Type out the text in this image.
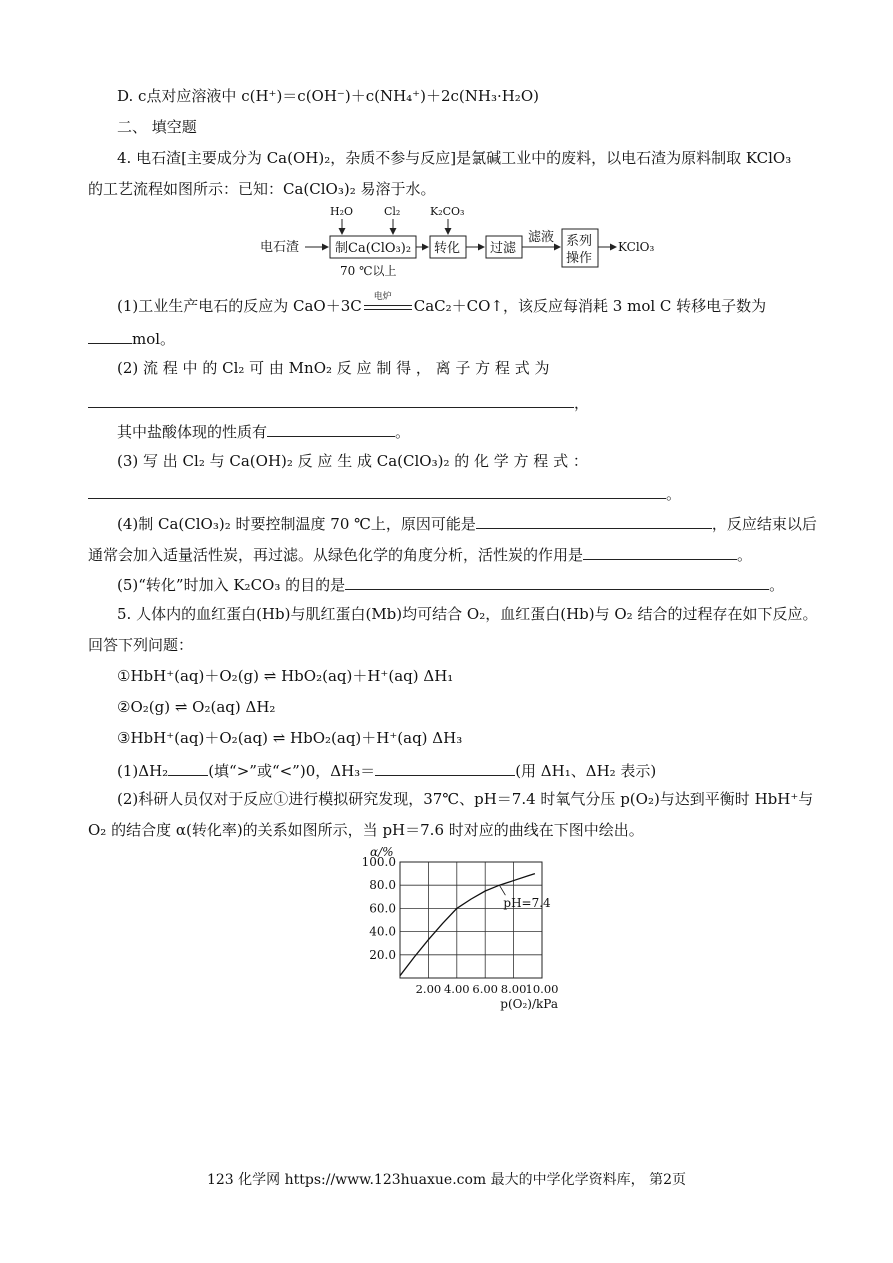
D. c点对应溶液中 c(H⁺)＝c(OH⁻)＋c(NH₄⁺)＋2c(NH₃·H₂O)
二、 填空题
4. 电石渣[主要成分为 Ca(OH)₂，杂质不参与反应]是氯碱工业中的废料，以电石渣为原料制取 KClO₃
的工艺流程如图所示：已知：Ca(ClO₃)₂ 易溶于水。
电石渣	制Ca(ClO₃)₂ 转化 过滤
滤液 系列
操作
KClO₃
H₂O	Cl₂	K₂CO₃
70 ℃以上
(1)工业生产电石的反应为 CaO＋3C 电炉 CaC₂＋CO↑，该反应每消耗 3 mol C 转移电子数为
mol。
(2) 流 程 中 的 Cl₂ 可 由 MnO₂ 反 应 制 得 ， 离 子 方 程 式 为
，
其中盐酸体现的性质有	。
(3) 写 出 Cl₂ 与 Ca(OH)₂ 反 应 生 成 Ca(ClO₃)₂ 的 化 学 方 程 式 ：
。
(4)制 Ca(ClO₃)₂ 时要控制温度 70 ℃上，原因可能是	，反应结束以后
通常会加入适量活性炭，再过滤。从绿色化学的角度分析，活性炭的作用是	。
(5)“转化”时加入 K₂CO₃ 的目的是	。
5. 人体内的血红蛋白(Hb)与肌红蛋白(Mb)均可结合 O₂，血红蛋白(Hb)与 O₂ 结合的过程存在如下反应。
回答下列问题：
①HbH⁺(aq)＋O₂(g) ⇌ HbO₂(aq)＋H⁺(aq) ΔH₁
②O₂(g) ⇌ O₂(aq) ΔH₂
③HbH⁺(aq)＋O₂(aq) ⇌ HbO₂(aq)＋H⁺(aq) ΔH₃
(1)ΔH₂	(填“>”或“<”)0，ΔH₃＝	(用 ΔH₁、ΔH₂ 表示)
(2)科研人员仅对于反应①进行模拟研究发现，37℃、pH＝7.4 时氧气分压 p(O₂)与达到平衡时 HbH⁺与
O₂ 的结合度 α(转化率)的关系如图所示，当 pH＝7.6 时对应的曲线在下图中绘出。
100.0
80.0
60.0
40.0
20.0
2.00 4.00 6.00 8.00 10.00
α/%
p(O₂)/kPa
pH=7.4
123 化学网 https://www.123huaxue.com 最大的中学化学资料库， 第2页
